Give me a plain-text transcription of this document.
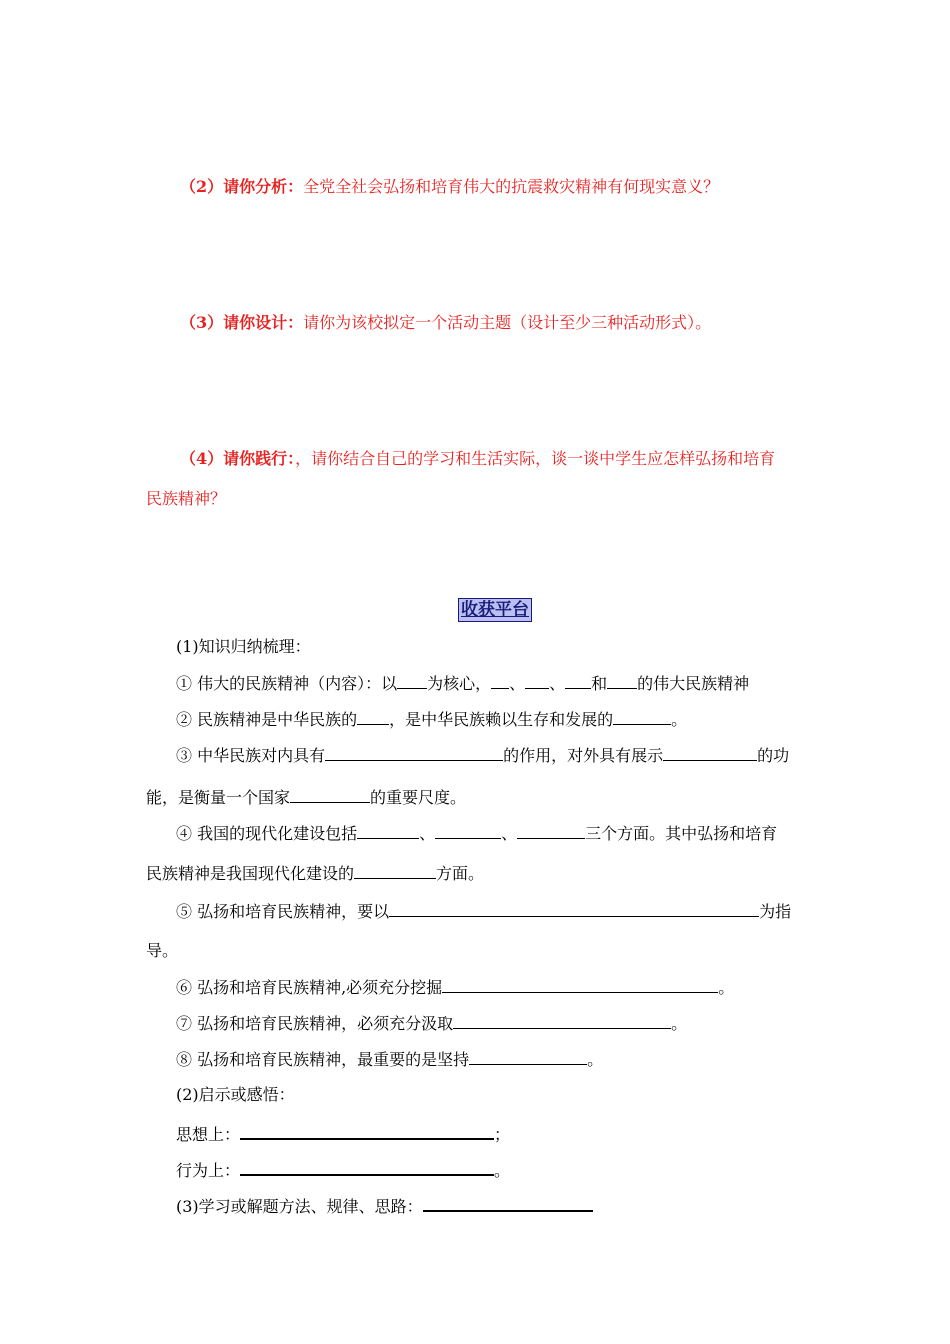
（2）请你分析：全党全社会弘扬和培育伟大的抗震救灾精神有何现实意义？
（3）请你设计：请你为该校拟定一个活动主题（设计至少三种活动形式）。
（4）请你践行：，请你结合自己的学习和生活实际，谈一谈中学生应怎样弘扬和培育
民族精神？
收获平台
(1)知识归纳梳理：
① 伟大的民族精神（内容）：以 为核心， 、 、 和 的伟大民族精神
② 民族精神是中华民族的 ，是中华民族赖以生存和发展的	。
③ 中华民族对内具有	的作用，对外具有展示	的功
能，是衡量一个国家	的重要尺度。
④ 我国的现代化建设包括	、	、	三个方面。其中弘扬和培育
民族精神是我国现代化建设的	方面。
⑤ 弘扬和培育民族精神，要以	为指
导。
⑥ 弘扬和培育民族精神,必须充分挖掘	。
⑦ 弘扬和培育民族精神，必须充分汲取	。
⑧ 弘扬和培育民族精神，最重要的是坚持	。
(2)启示或感悟：
思想上：	；
行为上：	。
(3)学习或解题方法、规律、思路：
